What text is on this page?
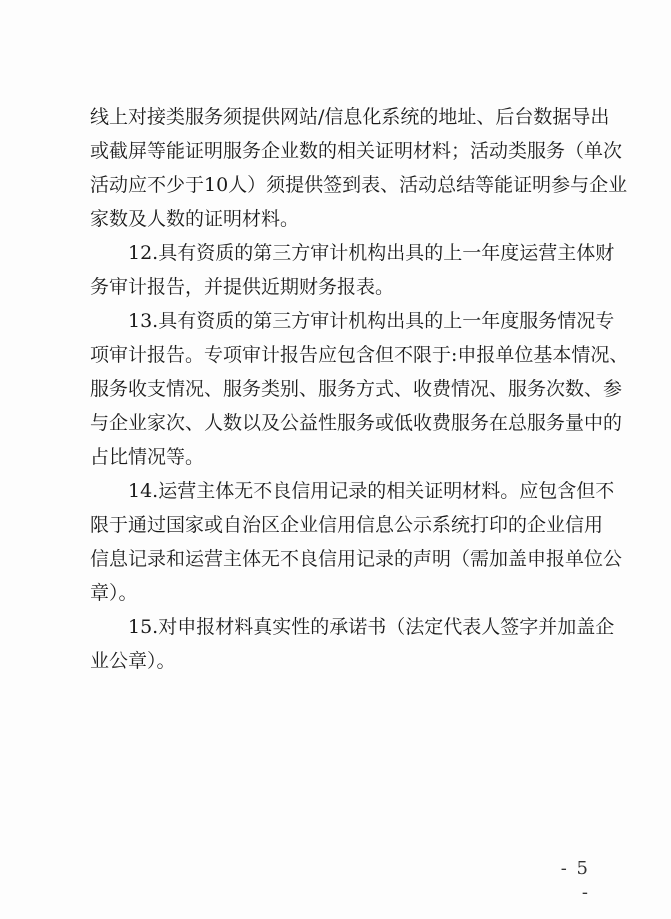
线上对接类服务须提供网站/信息化系统的地址、后台数据导出
或截屏等能证明服务企业数的相关证明材料；活动类服务（单次
活动应不少于10人）须提供签到表、活动总结等能证明参与企业
家数及人数的证明材料。
12.具有资质的第三方审计机构出具的上一年度运营主体财
务审计报告，并提供近期财务报表。
13.具有资质的第三方审计机构出具的上一年度服务情况专
项审计报告。专项审计报告应包含但不限于:申报单位基本情况、
服务收支情况、服务类别、服务方式、收费情况、服务次数、参
与企业家次、人数以及公益性服务或低收费服务在总服务量中的
占比情况等。
14.运营主体无不良信用记录的相关证明材料。应包含但不
限于通过国家或自治区企业信用信息公示系统打印的企业信用
信息记录和运营主体无不良信用记录的声明（需加盖申报单位公
章）。
15.对申报材料真实性的承诺书（法定代表人签字并加盖企
业公章）。
- 5 -
